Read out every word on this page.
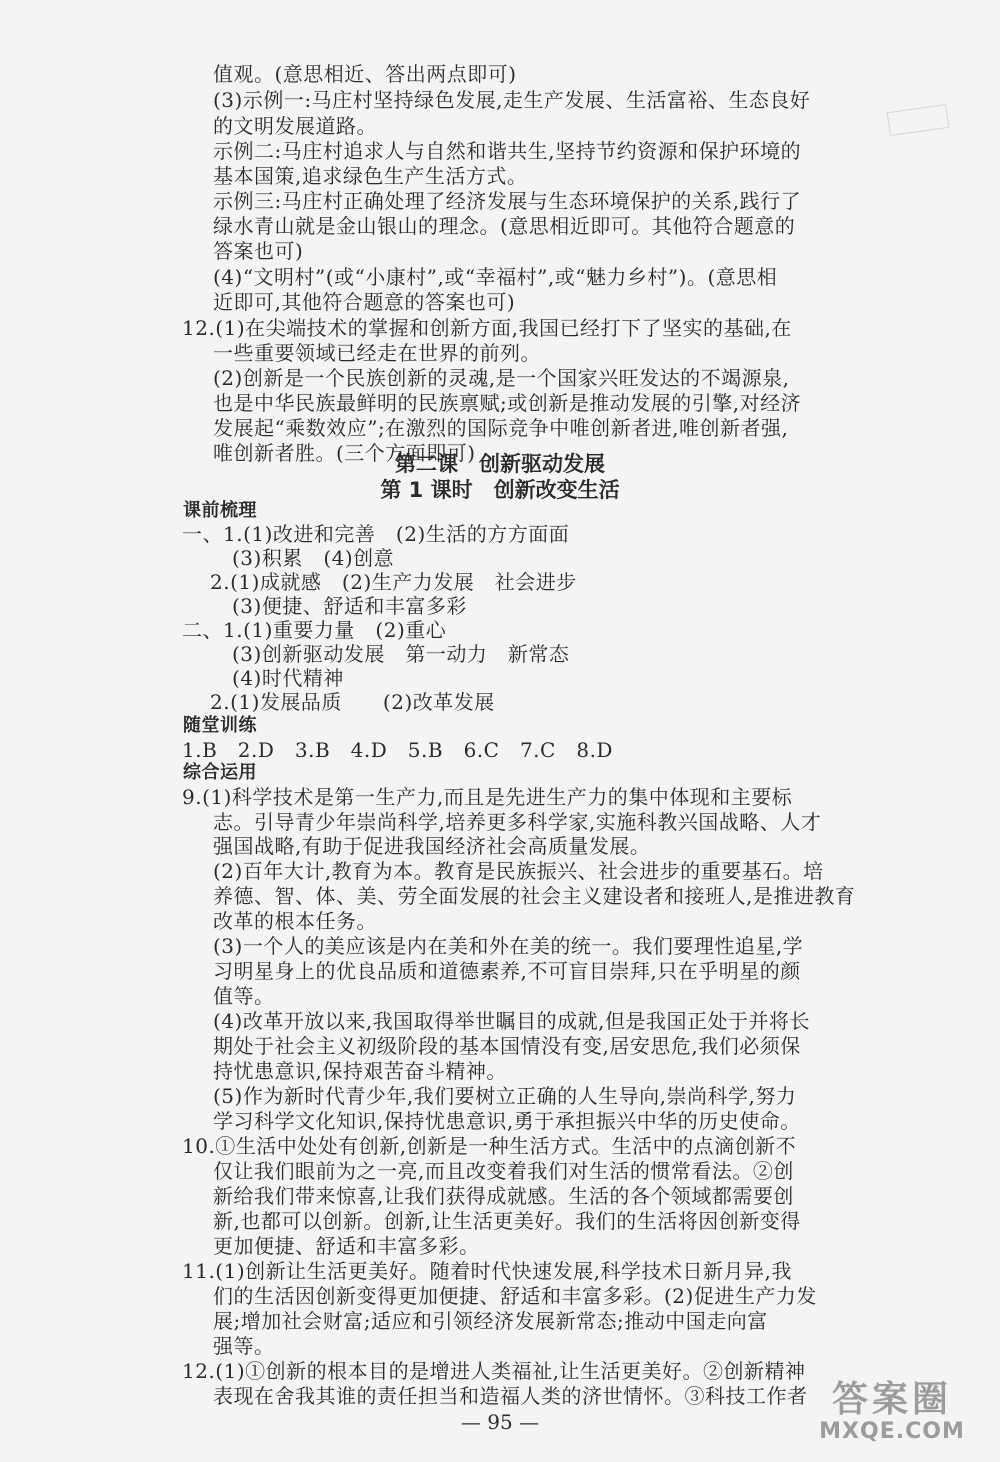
值观。(意思相近、答出两点即可)
(3)示例一:马庄村坚持绿色发展,走生产发展、生活富裕、生态良好
的文明发展道路。
示例二:马庄村追求人与自然和谐共生,坚持节约资源和保护环境的
基本国策,追求绿色生产生活方式。
示例三:马庄村正确处理了经济发展与生态环境保护的关系,践行了
绿水青山就是金山银山的理念。(意思相近即可。其他符合题意的
答案也可)
(4)“文明村”(或“小康村”,或“幸福村”,或“魅力乡村”)。(意思相
近即可,其他符合题意的答案也可)
12.(1)在尖端技术的掌握和创新方面,我国已经打下了坚实的基础,在
一些重要领域已经走在世界的前列。
(2)创新是一个民族创新的灵魂,是一个国家兴旺发达的不竭源泉,
也是中华民族最鲜明的民族禀赋;或创新是推动发展的引擎,对经济
发展起“乘数效应”;在激烈的国际竞争中唯创新者进,唯创新者强,
唯创新者胜。(三个方面即可)
第二课　创新驱动发展
第 1 课时　创新改变生活
课前梳理
一、1.(1)改进和完善　(2)生活的方方面面
(3)积累　(4)创意
2.(1)成就感　(2)生产力发展　社会进步
(3)便捷、舒适和丰富多彩
二、1.(1)重要力量　(2)重心
(3)创新驱动发展　第一动力　新常态
(4)时代精神
2.(1)发展品质　　(2)改革发展
随堂训练
1.B　2.D　3.B　4.D　5.B　6.C　7.C　8.D
综合运用
9.(1)科学技术是第一生产力,而且是先进生产力的集中体现和主要标
志。引导青少年崇尚科学,培养更多科学家,实施科教兴国战略、人才
强国战略,有助于促进我国经济社会高质量发展。
(2)百年大计,教育为本。教育是民族振兴、社会进步的重要基石。培
养德、智、体、美、劳全面发展的社会主义建设者和接班人,是推进教育
改革的根本任务。
(3)一个人的美应该是内在美和外在美的统一。我们要理性追星,学
习明星身上的优良品质和道德素养,不可盲目崇拜,只在乎明星的颜
值等。
(4)改革开放以来,我国取得举世瞩目的成就,但是我国正处于并将长
期处于社会主义初级阶段的基本国情没有变,居安思危,我们必须保
持忧患意识,保持艰苦奋斗精神。
(5)作为新时代青少年,我们要树立正确的人生导向,崇尚科学,努力
学习科学文化知识,保持忧患意识,勇于承担振兴中华的历史使命。
10.①生活中处处有创新,创新是一种生活方式。生活中的点滴创新不
仅让我们眼前为之一亮,而且改变着我们对生活的惯常看法。②创
新给我们带来惊喜,让我们获得成就感。生活的各个领域都需要创
新,也都可以创新。创新,让生活更美好。我们的生活将因创新变得
更加便捷、舒适和丰富多彩。
11.(1)创新让生活更美好。随着时代快速发展,科学技术日新月异,我
们的生活因创新变得更加便捷、舒适和丰富多彩。(2)促进生产力发
展;增加社会财富;适应和引领经济发展新常态;推动中国走向富
强等。
12.(1)①创新的根本目的是增进人类福祉,让生活更美好。②创新精神
表现在舍我其谁的责任担当和造福人类的济世情怀。③科技工作者
— 95 —
答案圈
MXQE.COM
